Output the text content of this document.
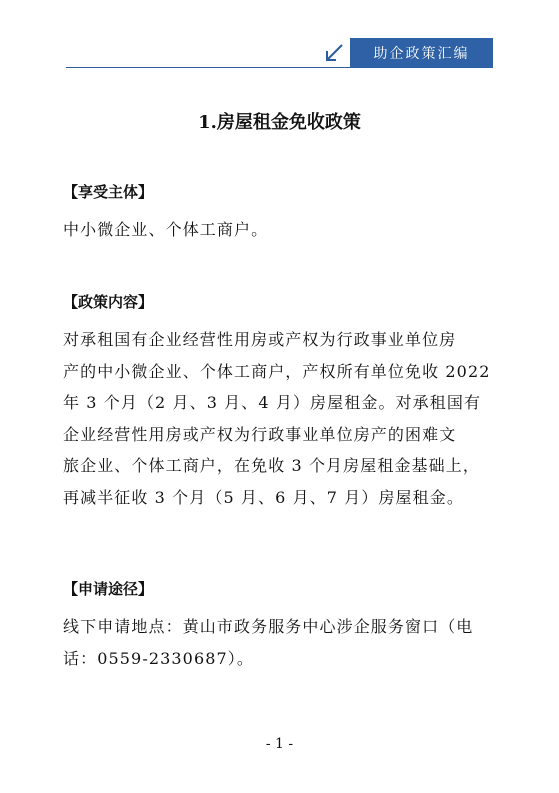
助企政策汇编
1.房屋租金免收政策
【享受主体】
中小微企业、个体工商户。
【政策内容】
对承租国有企业经营性用房或产权为行政事业单位房
产的中小微企业、个体工商户，产权所有单位免收 2022
年 3 个月（2 月、3 月、4 月）房屋租金。对承租国有
企业经营性用房或产权为行政事业单位房产的困难文
旅企业、个体工商户，在免收 3 个月房屋租金基础上，
再减半征收 3 个月（5 月、6 月、7 月）房屋租金。
【申请途径】
线下申请地点：黄山市政务服务中心涉企服务窗口（电
话：0559-2330687）。
- 1 -
